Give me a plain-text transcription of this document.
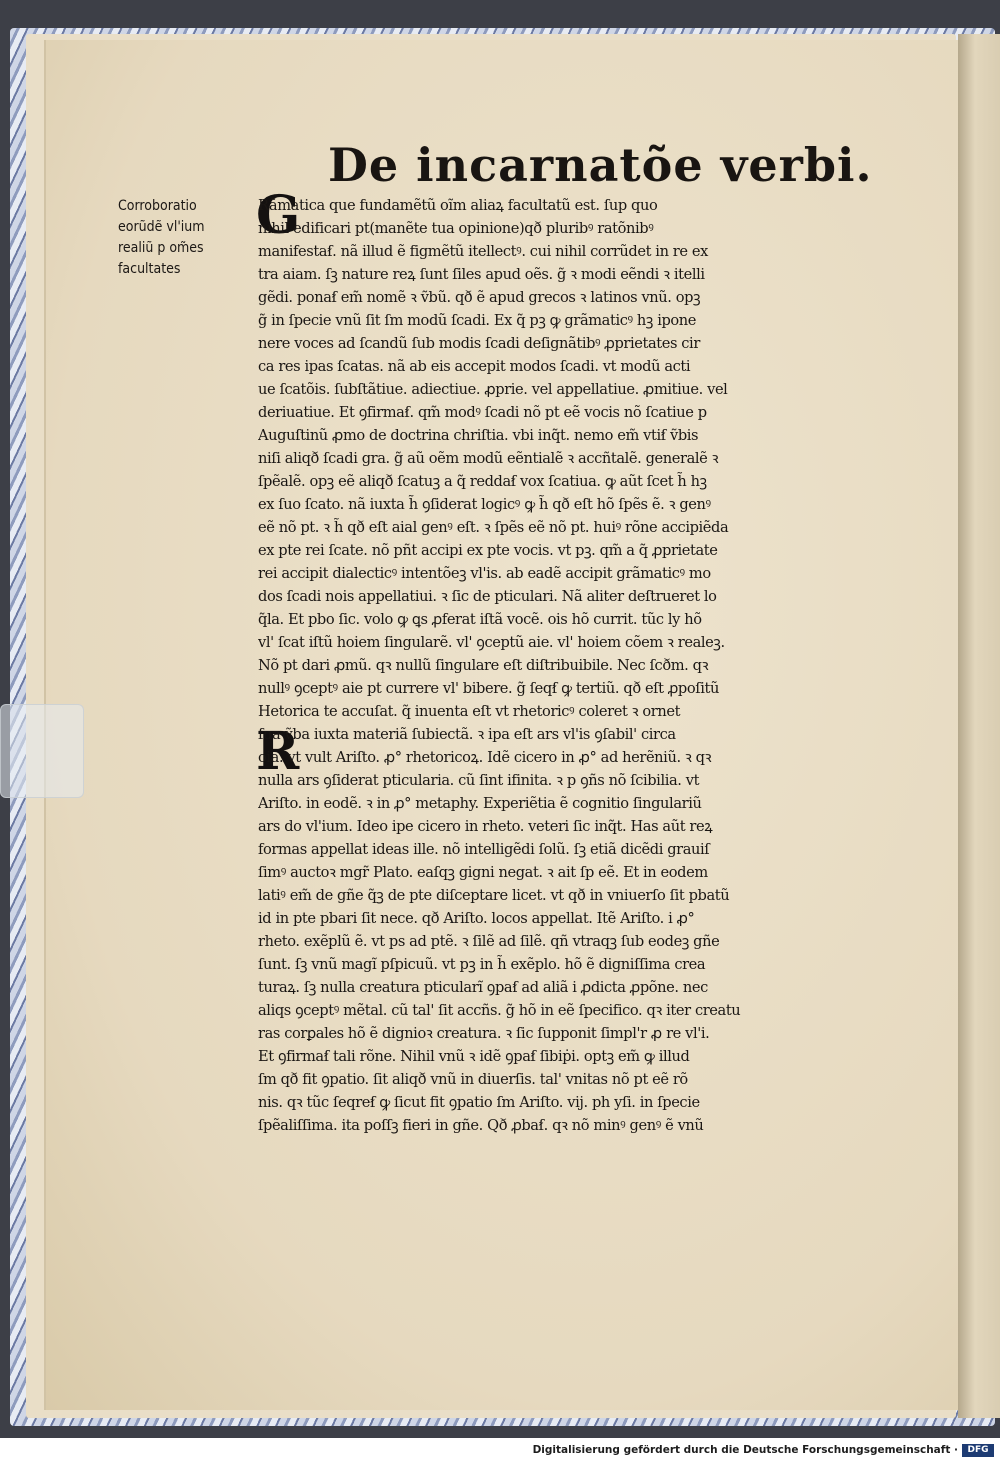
De incarnatõe verbi.
Corroboratio
eorũdẽ vl'ium
realiũ p om̃es
facultates
G
R
Rãmatica que fundamẽtũ oĩm aliaꝝ facultatũ est. ſup quo
nihil edificari pt(manẽte tua opinione)qð pluribꝰ ratõnibꝰ
manifestaẜ. nã illud ẽ figmẽtũ itellectꝰ. cui nihil corrũdet in re ex
tra aiam. ſꝫ nature reꝝ ſunt ſiles apud oẽs. g̃ ꝛ modi eẽndi ꝛ itelli
gẽdi. ponaẜ em̃ nomẽ ꝛ ṽbũ. qð ẽ apud grecos ꝛ latinos vnũ. opꝫ
g̃ in ſpecie vnũ ſit ſm modũ ſcadi. Ex q̃ pꝫ ꝙ grãmaticꝰ hꝫ ipone
nere voces ad ſcandũ ſub modis ſcadi deſignãtibꝰ ꝓprietates cir
ca res ipas ſcatas. nã ab eis accepit modos ſcadi. vt modũ acti
ue ſcatõis. ſubſtãtiue. adiectiue. ꝓprie. vel appellatiue. ꝓmitiue. vel
deriuatiue. Et ꝯfirmaẜ. qm̃ modꝰ ſcadi nõ pt eẽ vocis nõ ſcatiue p
Auguſtinũ ꝓmo de doctrina chriſtia. vbi inq̃t. nemo em̃ vtiẜ ṽbis
niſi aliqð ſcadi gra. g̃ aũ oẽm modũ eẽntialẽ ꝛ accñtalẽ. generalẽ ꝛ
ſpẽalẽ. opꝫ eẽ aliqð ſcatuꝫ a q̃ reddaẜ vox ſcatiua. ꝙ aũt ſcet h̃ hꝫ
ex ſuo ſcato. nã iuxta h̃ ꝯſiderat logicꝰ ꝙ h̃ qð eſt hõ ſpẽs ẽ. ꝛ genꝰ
eẽ nõ pt. ꝛ h̃ qð eſt aial genꝰ eſt. ꝛ ſpẽs eẽ nõ pt. huiꝰ rõne accipiẽda
ex pte rei ſcate. nõ pñt accipi ex pte vocis. vt pꝫ. qm̃ a q̃ ꝓprietate
rei accipit dialecticꝰ intentõeꝫ vl'is. ab eadẽ accipit grãmaticꝰ mo
dos ſcadi nois appellatiui. ꝛ ſic de pticulari. Nã aliter deſtrueret lo
q̃la. Et pbo ſic. volo ꝙ ꝗs ꝓferat iſtã vocẽ. ois hõ currit. tũc ly hõ
vl' ſcat iſtũ hoiem ſingularẽ. vl' ꝯceptũ aie. vl' hoiem cõem ꝛ realeꝫ.
Nõ pt dari ꝓmũ. qꝛ nullũ ſingulare eſt diſtribuibile. Nec ſcðm. qꝛ
nullꝰ ꝯceptꝰ aie pt currere vl' bibere. g̃ ſeqẜ ꝙ tertiũ. qð eſt ꝓpoſitũ
Hetorica te accuſat. q̃ inuenta eſt vt rhetoricꝰ coleret ꝛ ornet
ſua ṽba iuxta materiã ſubiectã. ꝛ ipa eſt ars vl'is ꝯſabil' circa
oia. vt vult Ariſto. ꝓ° rhetoricoꝝ. Idẽ cicero in ꝓ° ad herẽniũ. ꝛ qꝛ
nulla ars ꝯſiderat pticularia. cũ ſint ifinita. ꝛ p ꝯñs nõ ſcibilia. vt
Ariſto. in eodẽ. ꝛ in ꝓ° metaphy. Experiẽtia ẽ cognitio ſingulariũ
ars do vl'ium. Ideo ipe cicero in rheto. veteri ſic inq̃t. Has aũt reꝝ
formas appellat ideas ille. nõ intelligẽdi ſolũ. ſꝫ etiã dicẽdi grauiſ
ſimꝰ auctoꝛ mgr̃ Plato. eaſqꝫ gigni negat. ꝛ ait ſp eẽ. Et in eodem
latiꝰ em̃ de gñe q̃ꝫ de pte diſceptare licet. vt qð in vniuerſo ſit pbatũ
id in pte pbari ſit nece. qð Ariſto. locos appellat. Itẽ Ariſto. i ꝓ°
rheto. exẽplũ ẽ. vt ps ad ptẽ. ꝛ ſilẽ ad ſilẽ. qñ vtraqꝫ ſub eodeꝫ gñe
ſunt. ſꝫ vnũ magĩ pſpicuũ. vt pꝫ in h̃ exẽplo. hõ ẽ digniſſima crea
turaꝝ. ſꝫ nulla creatura pticularĩ ꝯpaẜ ad aliã i ꝓdicta ꝓpõne. nec
aliqs ꝯceptꝰ mẽtal. cũ tal' ſit accñs. g̃ hõ in eẽ ſpecifico. qꝛ iter creatu
ras corꝑales hõ ẽ dignioꝛ creatura. ꝛ ſic ſupponit ſimpl'r ꝓ re vl'i.
Et ꝯfirmaẜ tali rõne. Nihil vnũ ꝛ idẽ ꝯpaẜ ſibiṗi. optꝫ em̃ ꝙ illud
ſm qð fit ꝯpatio. ſit aliqð vnũ in diuerſis. tal' vnitas nõ pt eẽ rõ
nis. qꝛ tũc ſeqreẜ ꝙ ſicut fit ꝯpatio ſm Ariſto. vij. ph yſi. in ſpecie
ſpẽaliſſima. ita poſſꝫ fieri in gñe. Qð ꝓbaẜ. qꝛ nõ minꝰ genꝰ ẽ vnũ
Digitalisierung gefördert durch die Deutsche Forschungsgemeinschaft ·	DFG
